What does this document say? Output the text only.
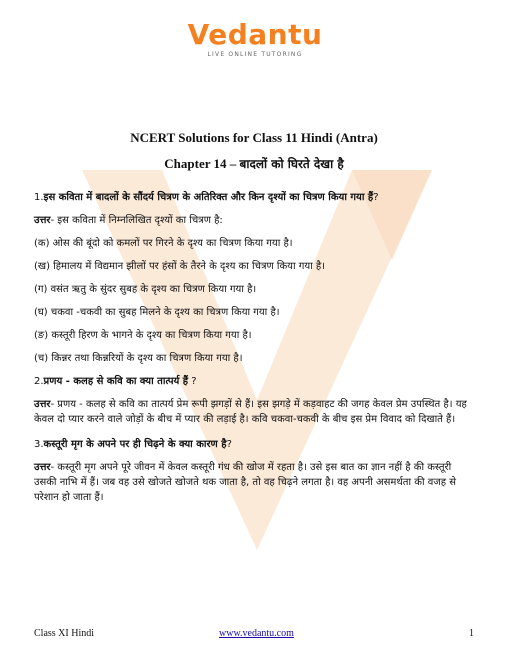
Vedantu
LIVE ONLINE TUTORING

NCERT Solutions for Class 11 Hindi (Antra)

Chapter 14 – बादलों को घिरते देखा है

1.इस कविता में बादलों के सौंदर्य चित्रण के अतिरिक्त और किन दृश्यों का चित्रण किया गया हैं?

उत्तर- इस कविता में निम्नलिखित दृश्यों का चित्रण है:

(क) ओस की बूंदो को कमलों पर गिरने के दृश्य का चित्रण किया गया है।

(ख) हिमालय में विद्यमान झीलों पर हंसों के तैरने के दृश्य का चित्रण किया गया है।

(ग) वसंत ऋतु के सुंदर सुबह के दृश्य का चित्रण किया गया है।

(घ) चकवा -चकवी का सुबह मिलने के दृश्य का चित्रण किया गया है।

(ङ) कस्तूरी हिरण के भागने के दृश्य का चित्रण किया गया है।

(च) किन्नर तथा किन्नरियों के दृश्य का चित्रण किया गया है।

2.प्रणय - कलह से कवि का क्या तात्पर्य हैं ?

उत्तर- प्रणय - कलह से कवि का तात्पर्य प्रेम रूपी झगड़ों से हैं। इस झगड़े में कड़वाहट की जगह केवल प्रेम उपस्थित है। यह केवल दो प्यार करने वाले जोड़ों के बीच में प्यार की लड़ाई है। कवि चकवा-चकवी के बीच इस प्रेम विवाद को दिखाते हैं।

3.कस्तूरी मृग के अपने पर ही चिढ़ने के क्या कारण है?

उत्तर- कस्तूरी मृग अपने पूरे जीवन में केवल कस्तूरी गंध की खोज में रहता है। उसे इस बात का ज्ञान नहीं है की कस्तूरी उसकी नाभि में हैं। जब वह उसे खोजते खोजते थक जाता है, तो वह चिढ़ने लगता है। वह अपनी असमर्थता की वजह से परेशान हो जाता हैं।

Class XI Hindi	www.vedantu.com	1
